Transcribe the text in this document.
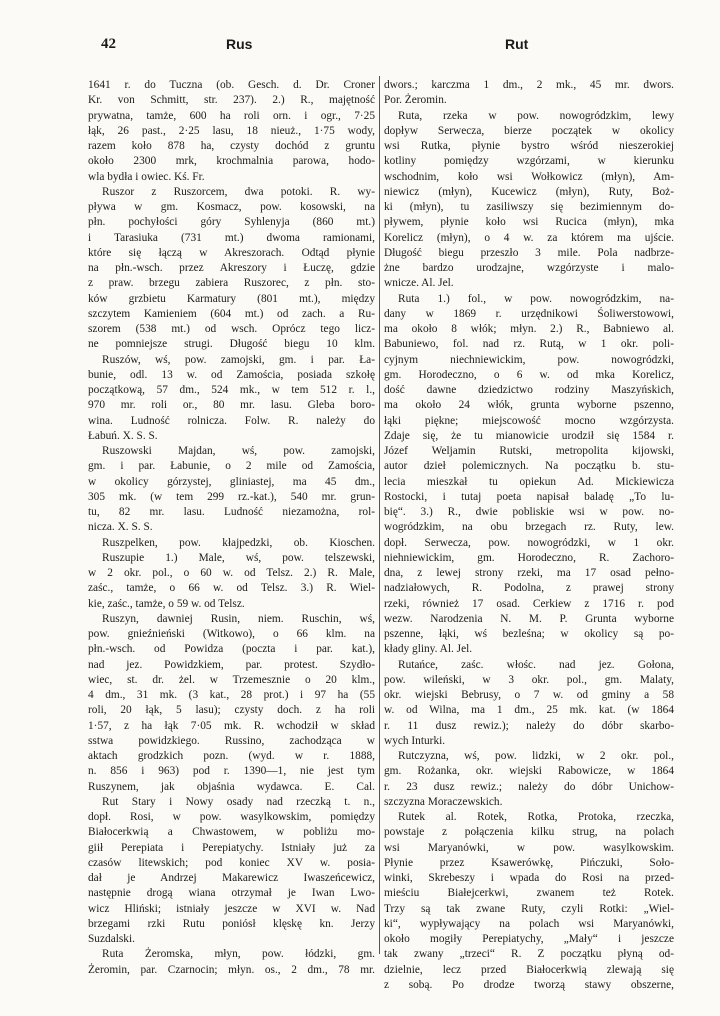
42	Rus	Rut
1641 r. do Tuczna (ob. Gesch. d. Dr. Croner
Kr. von Schmitt, str. 237). 2.) R., majętność
prywatna, tamże, 600 ha roli orn. i ogr., 7·25
łąk, 26 past., 2·25 lasu, 18 nieuż., 1·75 wody,
razem koło 878 ha, czysty dochód z gruntu
około 2300 mrk, krochmalnia parowa, hodo-
wla bydła i owiec. Kś. Fr.
Ruszor z Ruszorcem, dwa potoki. R. wy-
pływa w gm. Kosmacz, pow. kosowski, na
płn. pochyłości góry Syhlenyja (860 mt.)
i Tarasiuka (731 mt.) dwoma ramionami,
które się łączą w Akreszorach. Odtąd płynie
na płn.-wsch. przez Akreszory i Łuczę, gdzie
z praw. brzegu zabiera Ruszorec, z płn. sto-
ków grzbietu Karmatury (801 mt.), między
szczytem Kamieniem (604 mt.) od zach. a Ru-
szorem (538 mt.) od wsch. Oprócz tego licz-
ne pomniejsze strugi. Długość biegu 10 klm.
Ruszów, wś, pow. zamojski, gm. i par. Ła-
bunie, odl. 13 w. od Zamościa, posiada szkołę
początkową, 57 dm., 524 mk., w tem 512 r. l.,
970 mr. roli or., 80 mr. lasu. Gleba boro-
wina. Ludność rolnicza. Folw. R. należy do
Łabuń. X. S. S.
Ruszowski Majdan, wś, pow. zamojski,
gm. i par. Łabunie, o 2 mile od Zamościa,
w okolicy górzystej, gliniastej, ma 45 dm.,
305 mk. (w tem 299 rz.-kat.), 540 mr. grun-
tu, 82 mr. lasu. Ludność niezamożna, rol-
nicza. X. S. S.
Ruszpelken, pow. kłajpedzki, ob. Kioschen.
Ruszupie 1.) Male, wś, pow. telszewski,
w 2 okr. pol., o 60 w. od Telsz. 2.) R. Male,
zaśc., tamże, o 66 w. od Telsz. 3.) R. Wiel-
kie, zaśc., tamże, o 59 w. od Telsz.
Ruszyn, dawniej Rusin, niem. Ruschin, wś,
pow. gnieźnieński (Witkowo), o 66 klm. na
płn.-wsch. od Powidza (poczta i par. kat.),
nad jez. Powidzkiem, par. protest. Szydło-
wiec, st. dr. żel. w Trzemesznie o 20 klm.,
4 dm., 31 mk. (3 kat., 28 prot.) i 97 ha (55
roli, 20 łąk, 5 lasu); czysty doch. z ha roli
1·57, z ha łąk 7·05 mk. R. wchodził w skład
sstwa powidzkiego. Russino, zachodząca w
aktach grodzkich pozn. (wyd. w r. 1888,
n. 856 i 963) pod r. 1390—1, nie jest tym
Ruszynem, jak objaśnia wydawca. E. Cal.
Rut Stary i Nowy osady nad rzeczką t. n.,
dopł. Rosi, w pow. wasylkowskim, pomiędzy
Białocerkwią a Chwastowem, w pobliżu mo-
giił Perepiata i Perepiatychy. Istniały już za
czasów litewskich; pod koniec XV w. posia-
dał je Andrzej Makarewicz Iwaszeńcewicz,
następnie drogą wiana otrzymał je Iwan Lwo-
wicz Hliński; istniały jeszcze w XVI w. Nad
brzegami rzki Rutu poniósł klęskę kn. Jerzy
Suzdalski.
Ruta Żeromska, młyn, pow. łódzki, gm.
Żeromin, par. Czarnocin; młyn. os., 2 dm., 78 mr.
dwors.; karczma 1 dm., 2 mk., 45 mr. dwors.
Por. Żeromin.
Ruta, rzeka w pow. nowogródzkim, lewy
dopływ Serwecza, bierze początek w okolicy
wsi Rutka, płynie bystro wśród nieszerokiej
kotliny pomiędzy wzgórzami, w kierunku
wschodnim, koło wsi Wołkowicz (młyn), Am-
niewicz (młyn), Kucewicz (młyn), Ruty, Boż-
ki (młyn), tu zasiliwszy się bezimiennym do-
pływem, płynie koło wsi Rucica (młyn), mka
Korelicz (młyn), o 4 w. za którem ma ujście.
Długość biegu przeszło 3 mile. Pola nadbrze-
żne bardzo urodzajne, wzgórzyste i malo-
wnicze. Al. Jel.
Ruta 1.) fol., w pow. nowogródzkim, na-
dany w 1869 r. urzędnikowi Śoliwerstowowi,
ma około 8 włók; młyn. 2.) R., Babniewo al.
Babuniewo, fol. nad rz. Rutą, w 1 okr. poli-
cyjnym niechniewickim, pow. nowogródzki,
gm. Horodeczno, o 6 w. od mka Korelicz,
dość dawne dziedzictwo rodziny Maszyńskich,
ma około 24 włók, grunta wyborne pszenno,
łąki piękne; miejscowość mocno wzgórzysta.
Zdaje się, że tu mianowicie urodził się 1584 r.
Józef Weljamin Rutski, metropolita kijowski,
autor dzieł polemicznych. Na początku b. stu-
lecia mieszkał tu opiekun Ad. Mickiewicza
Rostocki, i tutaj poeta napisał baladę „To lu-
bię“. 3.) R., dwie pobliskie wsi w pow. no-
wogródzkim, na obu brzegach rz. Ruty, lew.
dopł. Serwecza, pow. nowogródzki, w 1 okr.
niehniewickim, gm. Horodeczno, R. Zachoro-
dna, z lewej strony rzeki, ma 17 osad pełno-
nadziałowych, R. Podolna, z prawej strony
rzeki, również 17 osad. Cerkiew z 1716 r. pod
wezw. Narodzenia N. M. P. Grunta wyborne
pszenne, łąki, wś bezleśna; w okolicy są po-
kłady gliny. Al. Jel.
Rutańce, zaśc. włośc. nad jez. Gołona,
pow. wileński, w 3 okr. pol., gm. Malaty,
okr. wiejski Bebrusy, o 7 w. od gminy a 58
w. od Wilna, ma 1 dm., 25 mk. kat. (w 1864
r. 11 dusz rewiz.); należy do dóbr skarbo-
wych Inturki.
Rutczyzna, wś, pow. lidzki, w 2 okr. pol.,
gm. Rożanka, okr. wiejski Rabowicze, w 1864
r. 23 dusz rewiz.; należy do dóbr Unichow-
szczyzna Moraczewskich.
Rutek al. Rotek, Rotka, Protoka, rzeczka,
powstaje z połączenia kilku strug, na polach
wsi Maryanówki, w pow. wasylkowskim.
Płynie przez Ksawerówkę, Pińczuki, Soło-
winki, Skrebeszy i wpada do Rosi na przed-
mieściu Białejcerkwi, zwanem też Rotek.
Trzy są tak zwane Ruty, czyli Rotki: „Wiel-
ki“, wypływający na polach wsi Maryanówki,
około mogiły Perepiatychy, „Mały“ i jeszcze
tak zwany „trzeci“ R. Z początku płyną od-
dzielnie, lecz przed Białocerkwią zlewają się
z sobą. Po drodze tworzą stawy obszerne,
